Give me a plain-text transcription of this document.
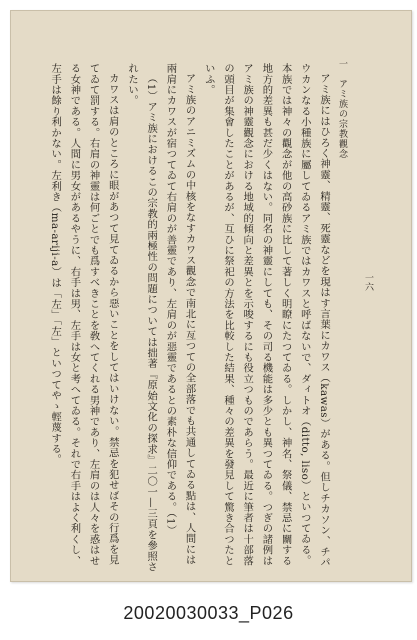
一　アミ族の宗教觀念
一六

アミ族にはひろく神靈、精靈、死靈などを現はす言葉にカワス（kawas）がある。但しチカソン、チパウカンなる小種族に屬してゐるアミ族ではカワスと呼ばないで、ダィトオ（ditto, liso）といつてゐる。本族では神々の觀念が他の高砂族に比して著しく明瞭にたつてゐる。しかし、神名、祭儀、禁忌に關する地方的差異も甚だ少くはない。同名の神靈にしても、その司る機能は多少とも異つてゐる。つぎの諸例はアミ族の神靈觀念における地域的傾向と差異とを示唆するにも役立つものであらう。最近に筆者は十部落の頭目が集會したことがあるが、互ひに祭祀の方法を比較した結果、種々の差異を發見して驚き合つたといふ。

アミ族のアニミズムの中核をなすカワス觀念で南北に亙つての全部落でも共通してゐる點は、人間には兩肩にカワスが宿つてゐて右肩のが善靈であり、左肩のが惡靈であるとの素朴な信仰である。（1）

（1）アミ族におけるこの宗教的兩極性の問題については拙著『原始文化の探求』二〇一—三頁を參照されたい。

カワスは肩のところに眼があつて見てゐるから惡いことをしてはいけない。禁忌を犯せばその行爲を見てゐて罰する。右肩の神靈は何ごとでも爲すべきことを敎へてくれる男神であり、左肩のは人々を惑はせる女神である。人間に男女があるやうに、右手は男、左手は女と考へてゐる。それで右手はよく利くし、左手は餘り利かない。左利き（ma-ariji-a）は「左」「左」といつてやゝ輕蔑する。

20020030033_P026
